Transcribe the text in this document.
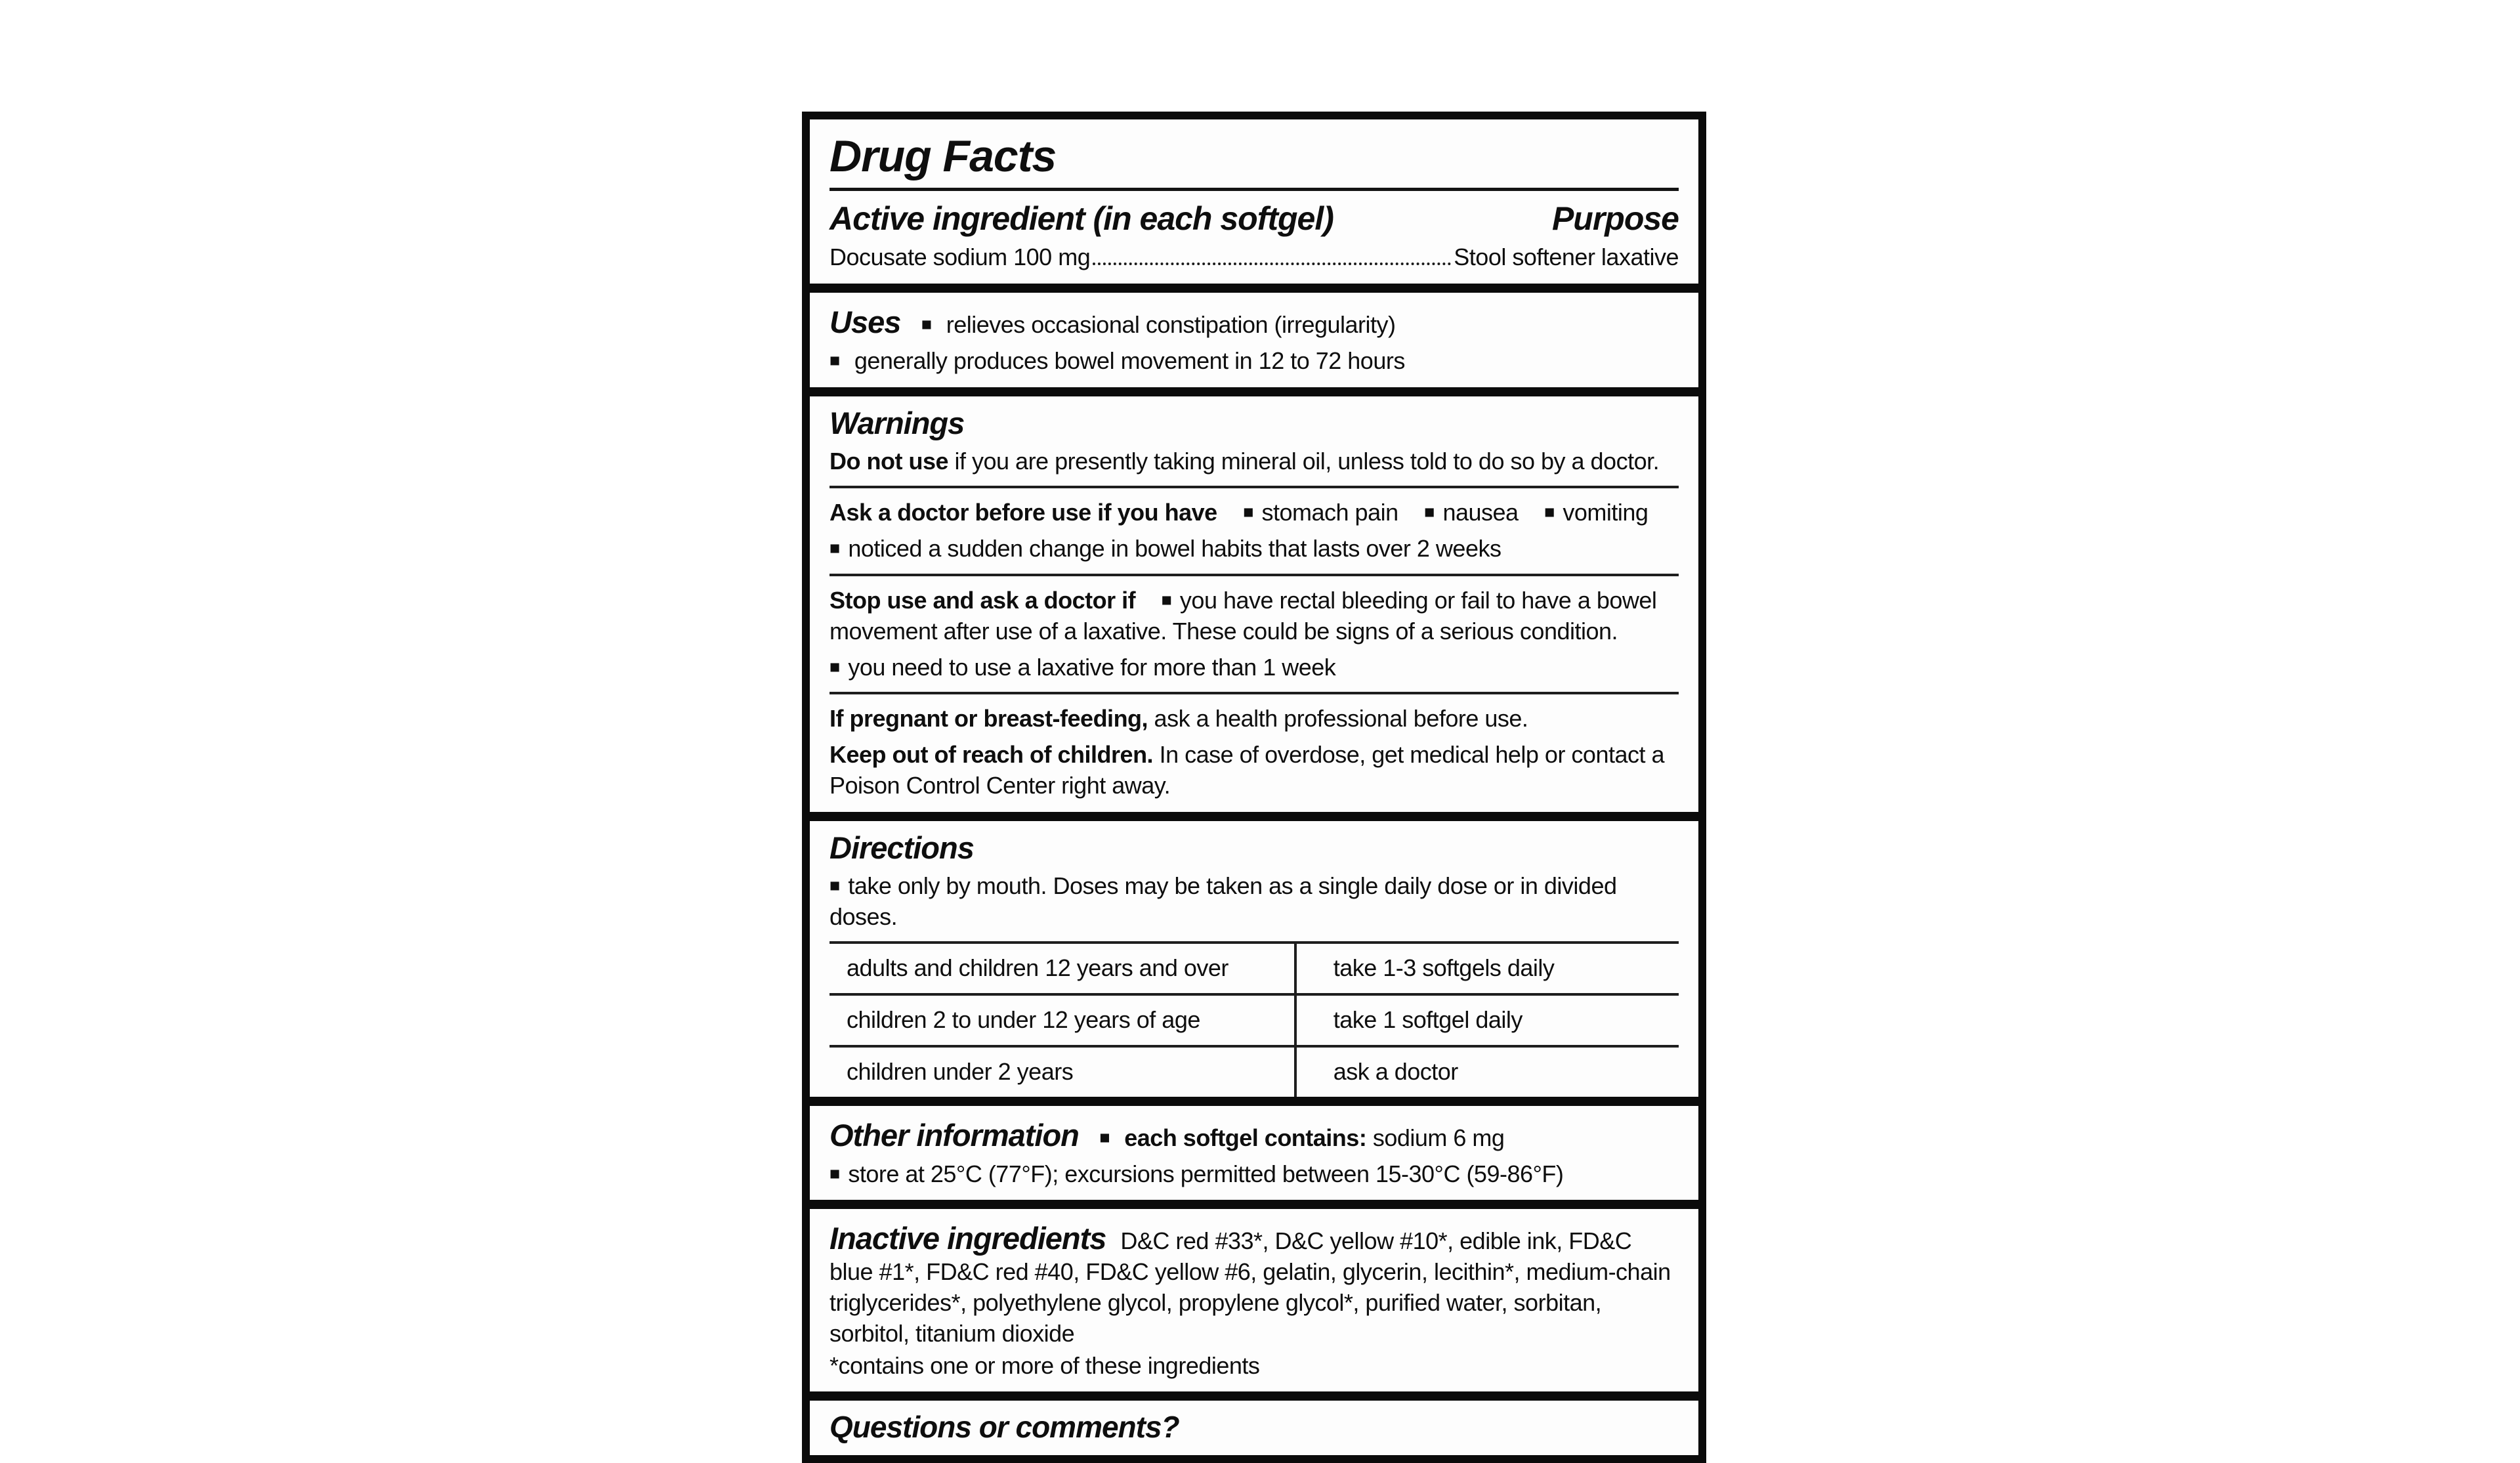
Drug Facts
Active ingredient (in each softgel)	Purpose
Docusate sodium 100 mg	Stool softener laxative

Uses ■ relieves occasional constipation (irregularity)

■ generally produces bowel movement in 12 to 72 hours

Warnings

Do not use if you are presently taking mineral oil, unless told to do so by a doctor.

Ask a doctor before use if you have ■ stomach pain ■ nausea ■ vomiting

■ noticed a sudden change in bowel habits that lasts over 2 weeks

Stop use and ask a doctor if ■ you have rectal bleeding or fail to have a bowel movement after use of a laxative. These could be signs of a serious condition.

■ you need to use a laxative for more than 1 week

If pregnant or breast-feeding, ask a health professional before use.

Keep out of reach of children. In case of overdose, get medical help or contact a Poison Control Center right away.

Directions

■ take only by mouth. Doses may be taken as a single daily dose or in divided doses.

adults and children 12 years and over	take 1-3 softgels daily
children 2 to under 12 years of age	take 1 softgel daily
children under 2 years	ask a doctor

Other information ■ each softgel contains: sodium 6 mg

■ store at 25°C (77°F); excursions permitted between 15-30°C (59-86°F)

Inactive ingredients D&C red #33*, D&C yellow #10*, edible ink, FD&C blue #1*, FD&C red #40, FD&C yellow #6, gelatin, glycerin, lecithin*, medium-chain triglycerides*, polyethylene glycol, propylene glycol*, purified water, sorbitan, sorbitol, titanium dioxide

*contains one or more of these ingredients

Questions or comments?
